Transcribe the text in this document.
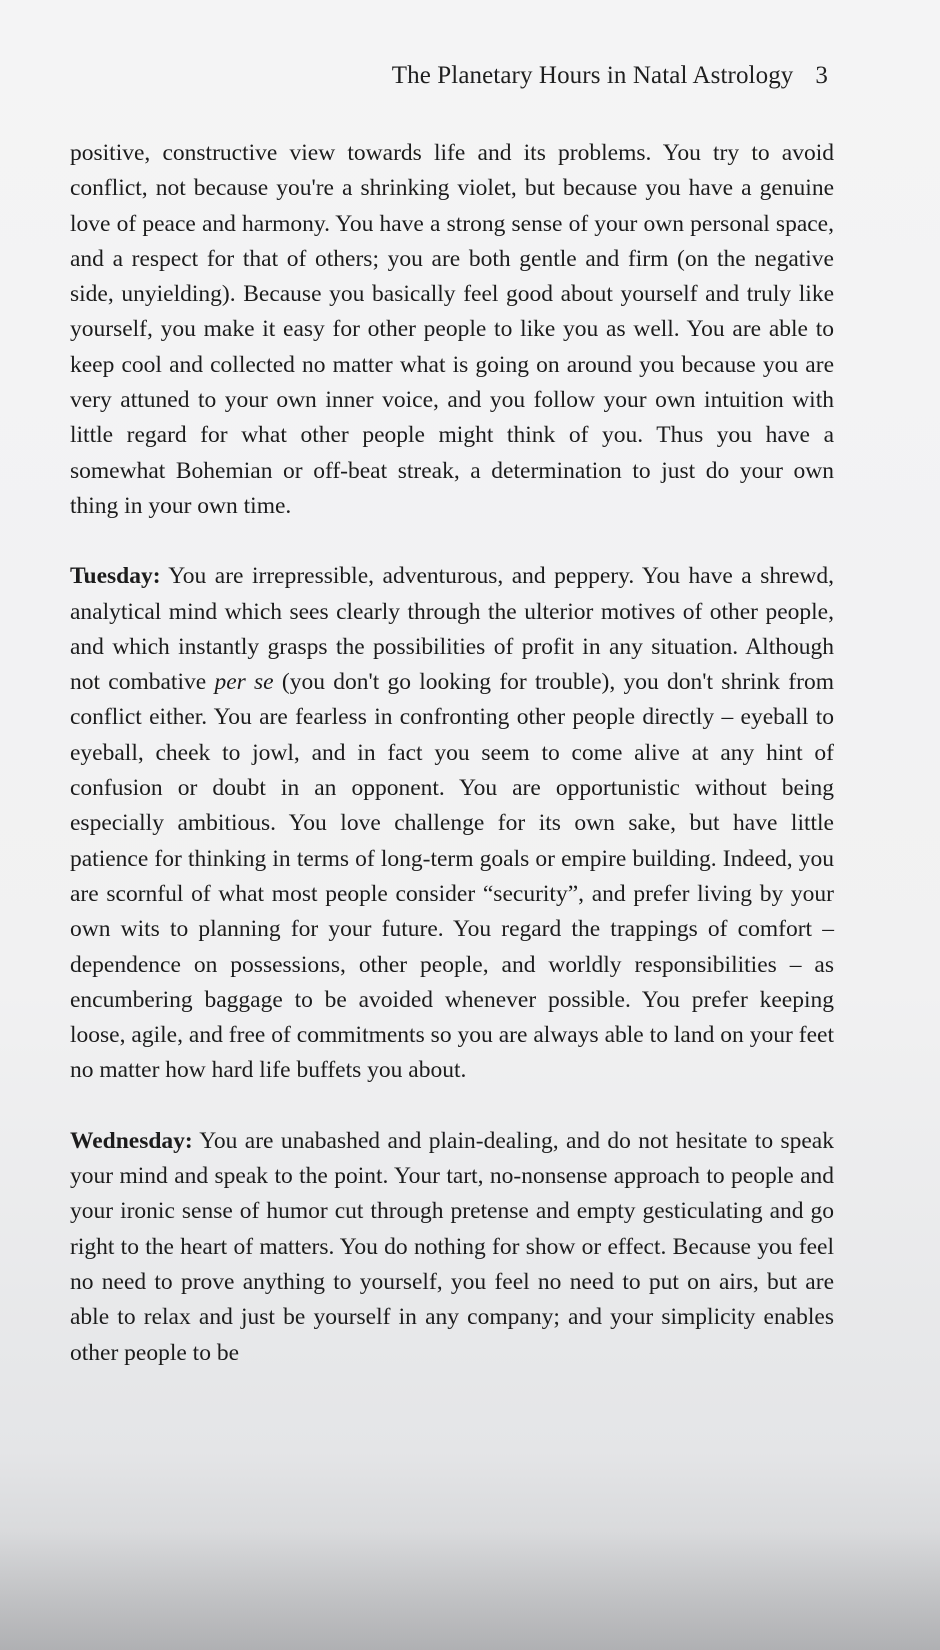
The Planetary Hours in Natal Astrology 3

positive, constructive view towards life and its problems. You try to avoid conflict, not because you're a shrinking violet, but because you have a genuine love of peace and harmony. You have a strong sense of your own personal space, and a respect for that of others; you are both gentle and firm (on the negative side, unyielding). Because you basically feel good about yourself and truly like yourself, you make it easy for other people to like you as well. You are able to keep cool and collected no matter what is going on around you because you are very attuned to your own inner voice, and you follow your own intuition with little regard for what other people might think of you. Thus you have a somewhat Bohemian or off-beat streak, a determination to just do your own thing in your own time.

Tuesday: You are irrepressible, adventurous, and peppery. You have a shrewd, analytical mind which sees clearly through the ulterior motives of other people, and which instantly grasps the possibilities of profit in any situation. Although not combative per se (you don't go looking for trouble), you don't shrink from conflict either. You are fearless in confronting other people directly – eyeball to eyeball, cheek to jowl, and in fact you seem to come alive at any hint of confusion or doubt in an opponent. You are opportunistic without being especially ambitious. You love challenge for its own sake, but have little patience for thinking in terms of long-term goals or empire building. Indeed, you are scornful of what most people consider “security”, and prefer living by your own wits to planning for your future. You regard the trappings of comfort – dependence on possessions, other people, and worldly responsibilities – as encumbering baggage to be avoided whenever possible. You prefer keeping loose, agile, and free of commitments so you are always able to land on your feet no matter how hard life buffets you about.

Wednesday: You are unabashed and plain-dealing, and do not hesitate to speak your mind and speak to the point. Your tart, no-nonsense approach to people and your ironic sense of humor cut through pretense and empty gesticulating and go right to the heart of matters. You do nothing for show or effect. Because you feel no need to prove anything to yourself, you feel no need to put on airs, but are able to relax and just be yourself in any company; and your simplicity enables other people to be
